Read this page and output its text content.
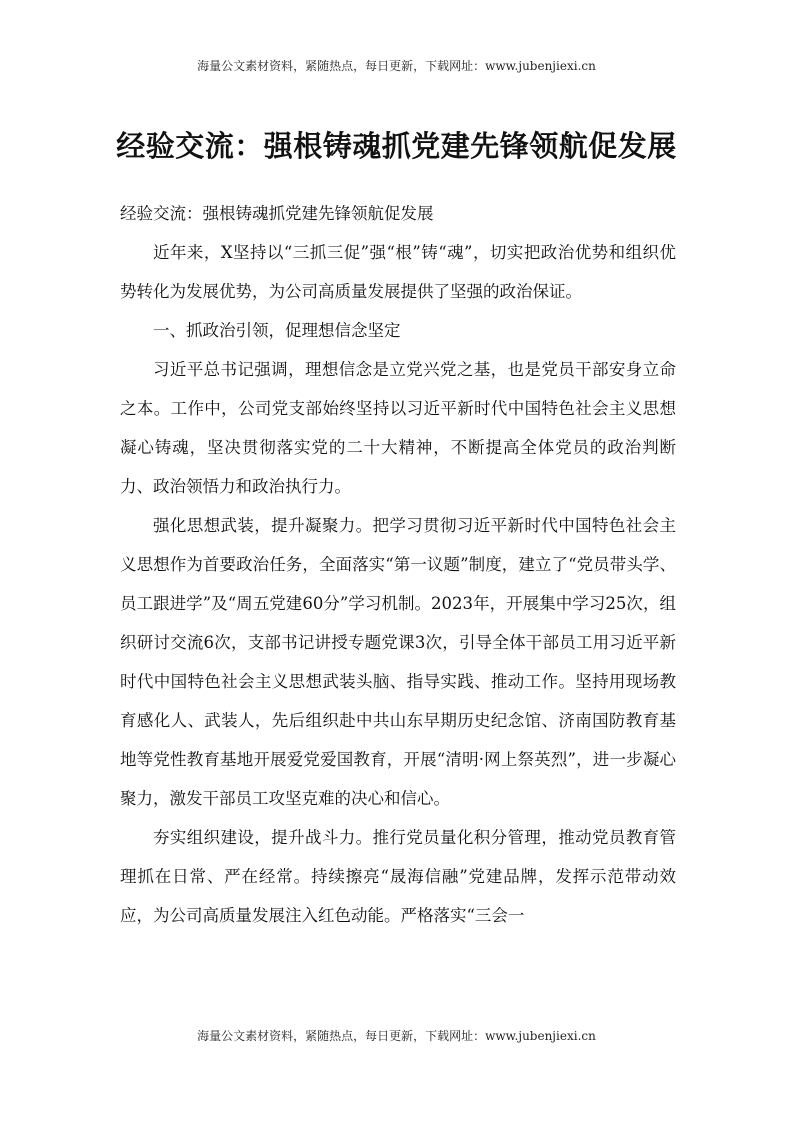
海量公文素材资料，紧随热点，每日更新，下载网址：www.jubenjiexi.cn
经验交流：强根铸魂抓党建先锋领航促发展

经验交流：强根铸魂抓党建先锋领航促发展

近年来，X坚持以“三抓三促”强“根”铸“魂”，切实把政治优势和组织优势转化为发展优势，为公司高质量发展提供了坚强的政治保证。

一、抓政治引领，促理想信念坚定

习近平总书记强调，理想信念是立党兴党之基，也是党员干部安身立命之本。工作中，公司党支部始终坚持以习近平新时代中国特色社会主义思想凝心铸魂，坚决贯彻落实党的二十大精神，不断提高全体党员的政治判断力、政治领悟力和政治执行力。

强化思想武装，提升凝聚力。把学习贯彻习近平新时代中国特色社会主义思想作为首要政治任务，全面落实“第一议题”制度，建立了“党员带头学、员工跟进学”及“周五党建60分”学习机制。2023年，开展集中学习25次，组织研讨交流6次，支部书记讲授专题党课3次，引导全体干部员工用习近平新时代中国特色社会主义思想武装头脑、指导实践、推动工作。坚持用现场教育感化人、武装人，先后组织赴中共山东早期历史纪念馆、济南国防教育基地等党性教育基地开展爱党爱国教育，开展“清明·网上祭英烈”，进一步凝心聚力，激发干部员工攻坚克难的决心和信心。

夯实组织建设，提升战斗力。推行党员量化积分管理，推动党员教育管理抓在日常、严在经常。持续擦亮“晟海信融”党建品牌，发挥示范带动效应，为公司高质量发展注入红色动能。严格落实“三会一

海量公文素材资料，紧随热点，每日更新，下载网址：www.jubenjiexi.cn
